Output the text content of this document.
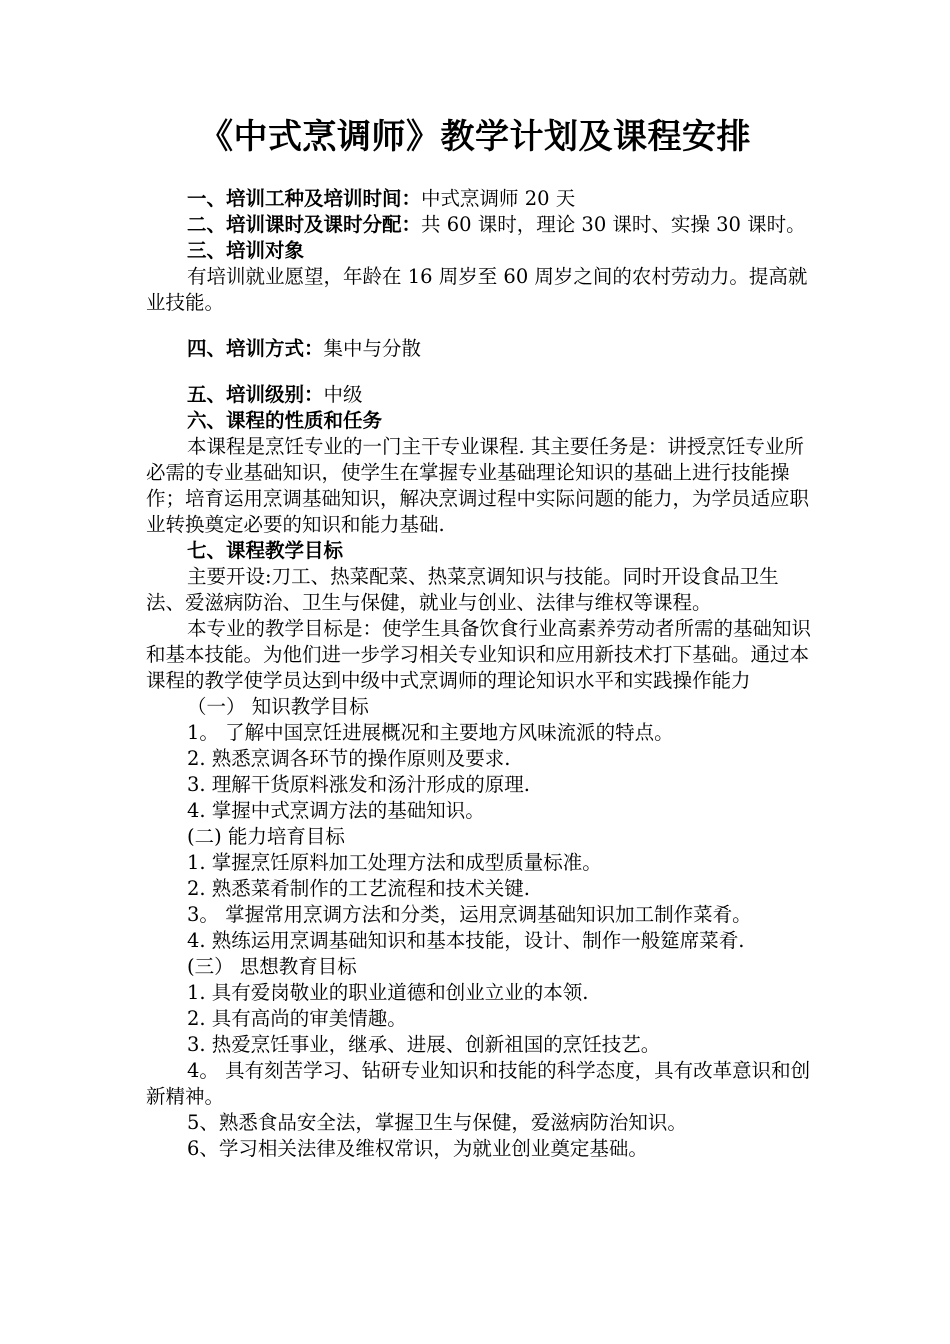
《中式烹调师》教学计划及课程安排

一、培训工种及培训时间：中式烹调师 20 天

二、培训课时及课时分配：共 60 课时，理论 30 课时、实操 30 课时。

三、培训对象

有培训就业愿望，年龄在 16 周岁至 60 周岁之间的农村劳动力。提高就业技能。

四、培训方式：集中与分散

五、培训级别：中级

六、课程的性质和任务

本课程是烹饪专业的一门主干专业课程. 其主要任务是：讲授烹饪专业所必需的专业基础知识，使学生在掌握专业基础理论知识的基础上进行技能操作；培育运用烹调基础知识，解决烹调过程中实际问题的能力，为学员适应职业转换奠定必要的知识和能力基础.

七、课程教学目标

主要开设:刀工、热菜配菜、热菜烹调知识与技能。同时开设食品卫生法、爱滋病防治、卫生与保健，就业与创业、法律与维权等课程。

本专业的教学目标是：使学生具备饮食行业高素养劳动者所需的基础知识和基本技能。为他们进一步学习相关专业知识和应用新技术打下基础。通过本课程的教学使学员达到中级中式烹调师的理论知识水平和实践操作能力

（一） 知识教学目标

1。 了解中国烹饪进展概况和主要地方风味流派的特点。

2. 熟悉烹调各环节的操作原则及要求.

3. 理解干货原料涨发和汤汁形成的原理.

4. 掌握中式烹调方法的基础知识。

(二) 能力培育目标

1. 掌握烹饪原料加工处理方法和成型质量标准。

2. 熟悉菜肴制作的工艺流程和技术关键.

3。 掌握常用烹调方法和分类，运用烹调基础知识加工制作菜肴。

4. 熟练运用烹调基础知识和基本技能，设计、制作一般筵席菜肴.

(三） 思想教育目标

1. 具有爱岗敬业的职业道德和创业立业的本领.

2. 具有高尚的审美情趣。

3. 热爱烹饪事业，继承、进展、创新祖国的烹饪技艺。

4。 具有刻苦学习、钻研专业知识和技能的科学态度，具有改革意识和创新精神。

5、熟悉食品安全法，掌握卫生与保健，爱滋病防治知识。

6、学习相关法律及维权常识，为就业创业奠定基础。
